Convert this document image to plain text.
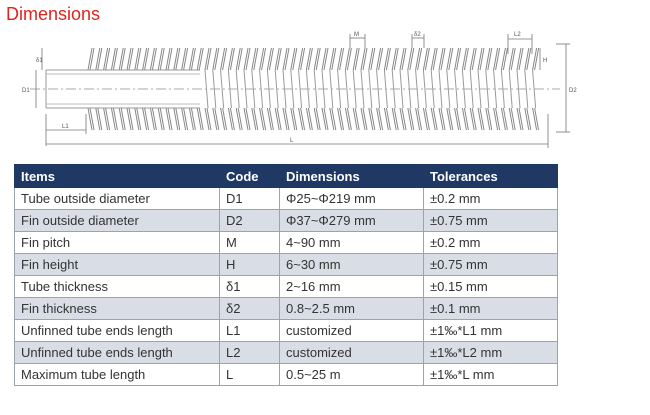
Dimensions
δ1
D1
M	δ2	L2
H
D2
L1
L
Items	Code	Dimensions	Tolerances
Tube outside diameter	D1	Φ25~Φ219 mm	±0.2 mm
Fin outside diameter	D2	Φ37~Φ279 mm	±0.75 mm
Fin pitch	M	4~90 mm	±0.2 mm
Fin height	H	6~30 mm	±0.75 mm
Tube thickness	δ1	2~16 mm	±0.15 mm
Fin thickness	δ2	0.8~2.5 mm	±0.1 mm
Unfinned tube ends length	L1	customized	±1‰*L1 mm
Unfinned tube ends length	L2	customized	±1‰*L2 mm
Maximum tube length	L	0.5~25 m	±1‰*L mm
